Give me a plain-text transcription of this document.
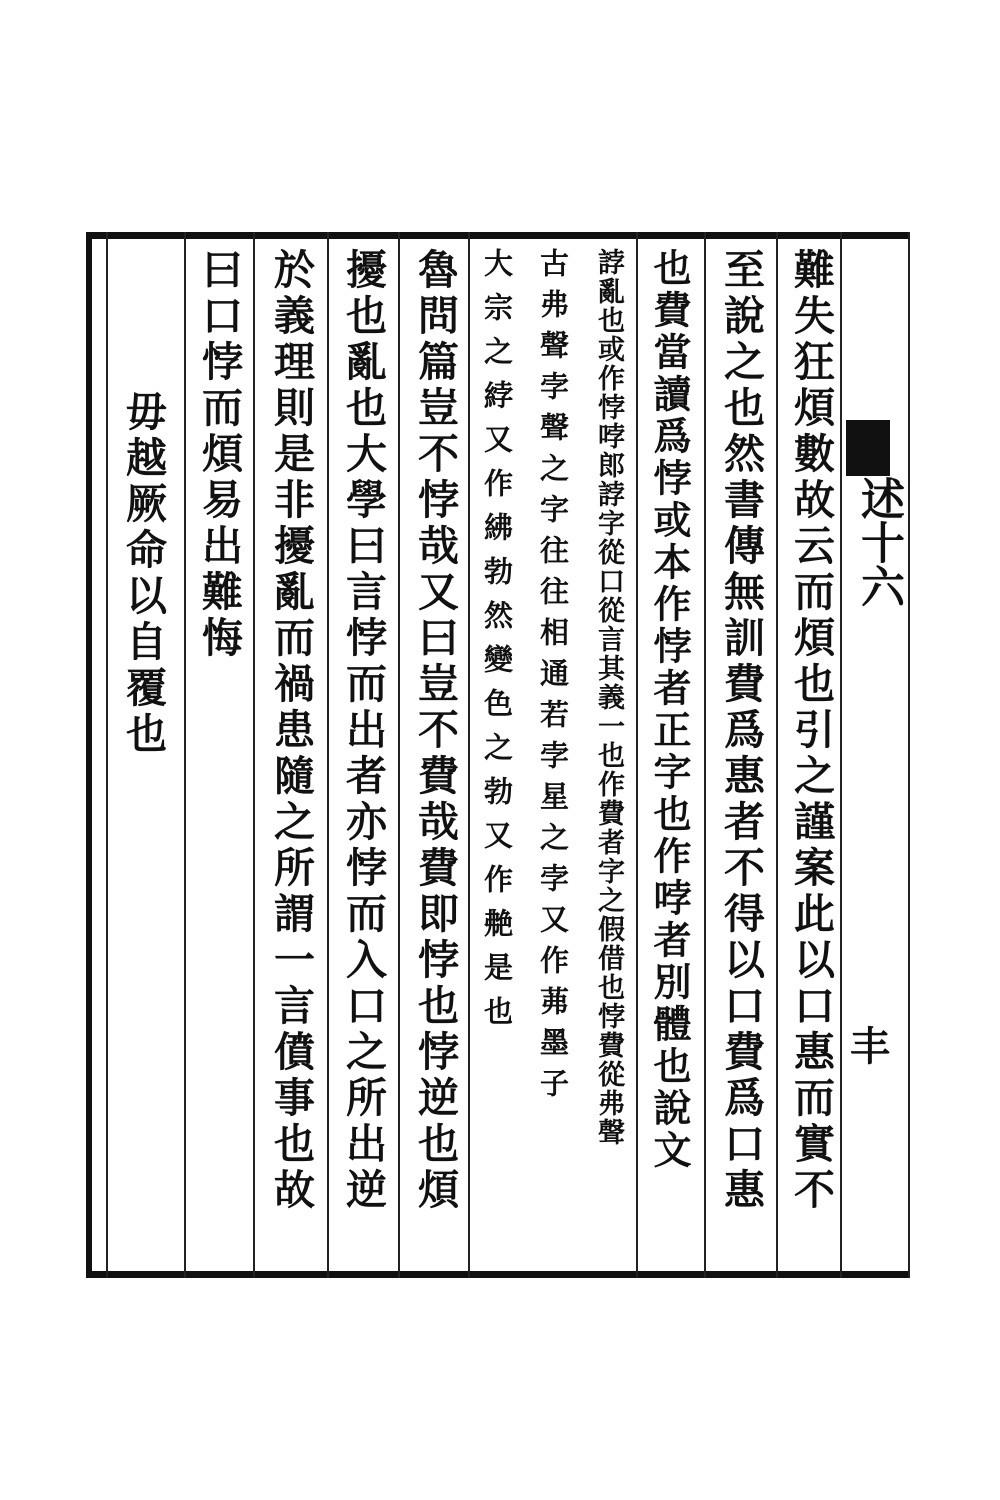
述十六
丰
難失狂煩數故云而煩也引之謹案此以口惠而實不
至說之也然書傳無訓費爲惠者不得以口費爲口惠
也費當讀爲悖或本作悖者正字也作哱者別體也說文
誖亂也或作悖哱郎誖字從口從言其義一也作費者字之假借也悖費從弗聲
古弗聲孛聲之字往往相通若孛星之孛又作茀墨子
大宗之綍又作紼勃然變色之勃又作艴是也
魯問篇豈不悖哉又曰豈不費哉費即悖也悖逆也煩
擾也亂也大學曰言悖而出者亦悖而入口之所出逆
於義理則是非擾亂而禍患隨之所謂一言僨事也故
曰口悖而煩易出難悔
毋越厥命以自覆也
